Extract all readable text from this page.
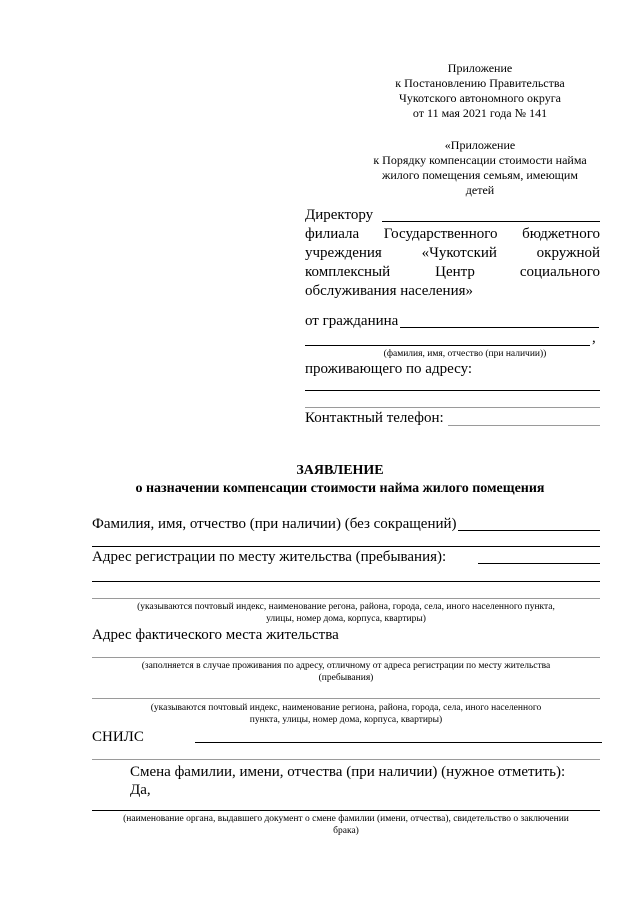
Приложение
к Постановлению Правительства
Чукотского автономного округа
от 11 мая 2021 года № 141
«Приложение
к Порядку компенсации стоимости найма
жилого помещения семьям, имеющим
детей
Директору
филиала Государственного бюджетного
учреждения «Чукотский окружной
комплексный Центр социального
обслуживания населения»
от гражданина
,
(фамилия, имя, отчество (при наличии))
проживающего по адресу:
Контактный телефон:
ЗАЯВЛЕНИЕ
о назначении компенсации стоимости найма жилого помещения
Фамилия, имя, отчество (при наличии) (без сокращений)
Адрес регистрации по месту жительства (пребывания):
(указываются почтовый индекс, наименование регона, района, города, села, иного населенного пункта,
улицы, номер дома, корпуса, квартиры)
Адрес фактического места жительства
(заполняется в случае проживания по адресу, отличному от адреса регистрации по месту жительства
(пребывания)
(указываются почтовый индекс, наименование региона, района, города, села, иного населенного
пункта, улицы, номер дома, корпуса, квартиры)
СНИЛС
Смена фамилии, имени, отчества (при наличии) (нужное отметить):
Да,
(наименование органа, выдавшего документ о смене фамилии (имени, отчества), свидетельство о заключении
брака)
